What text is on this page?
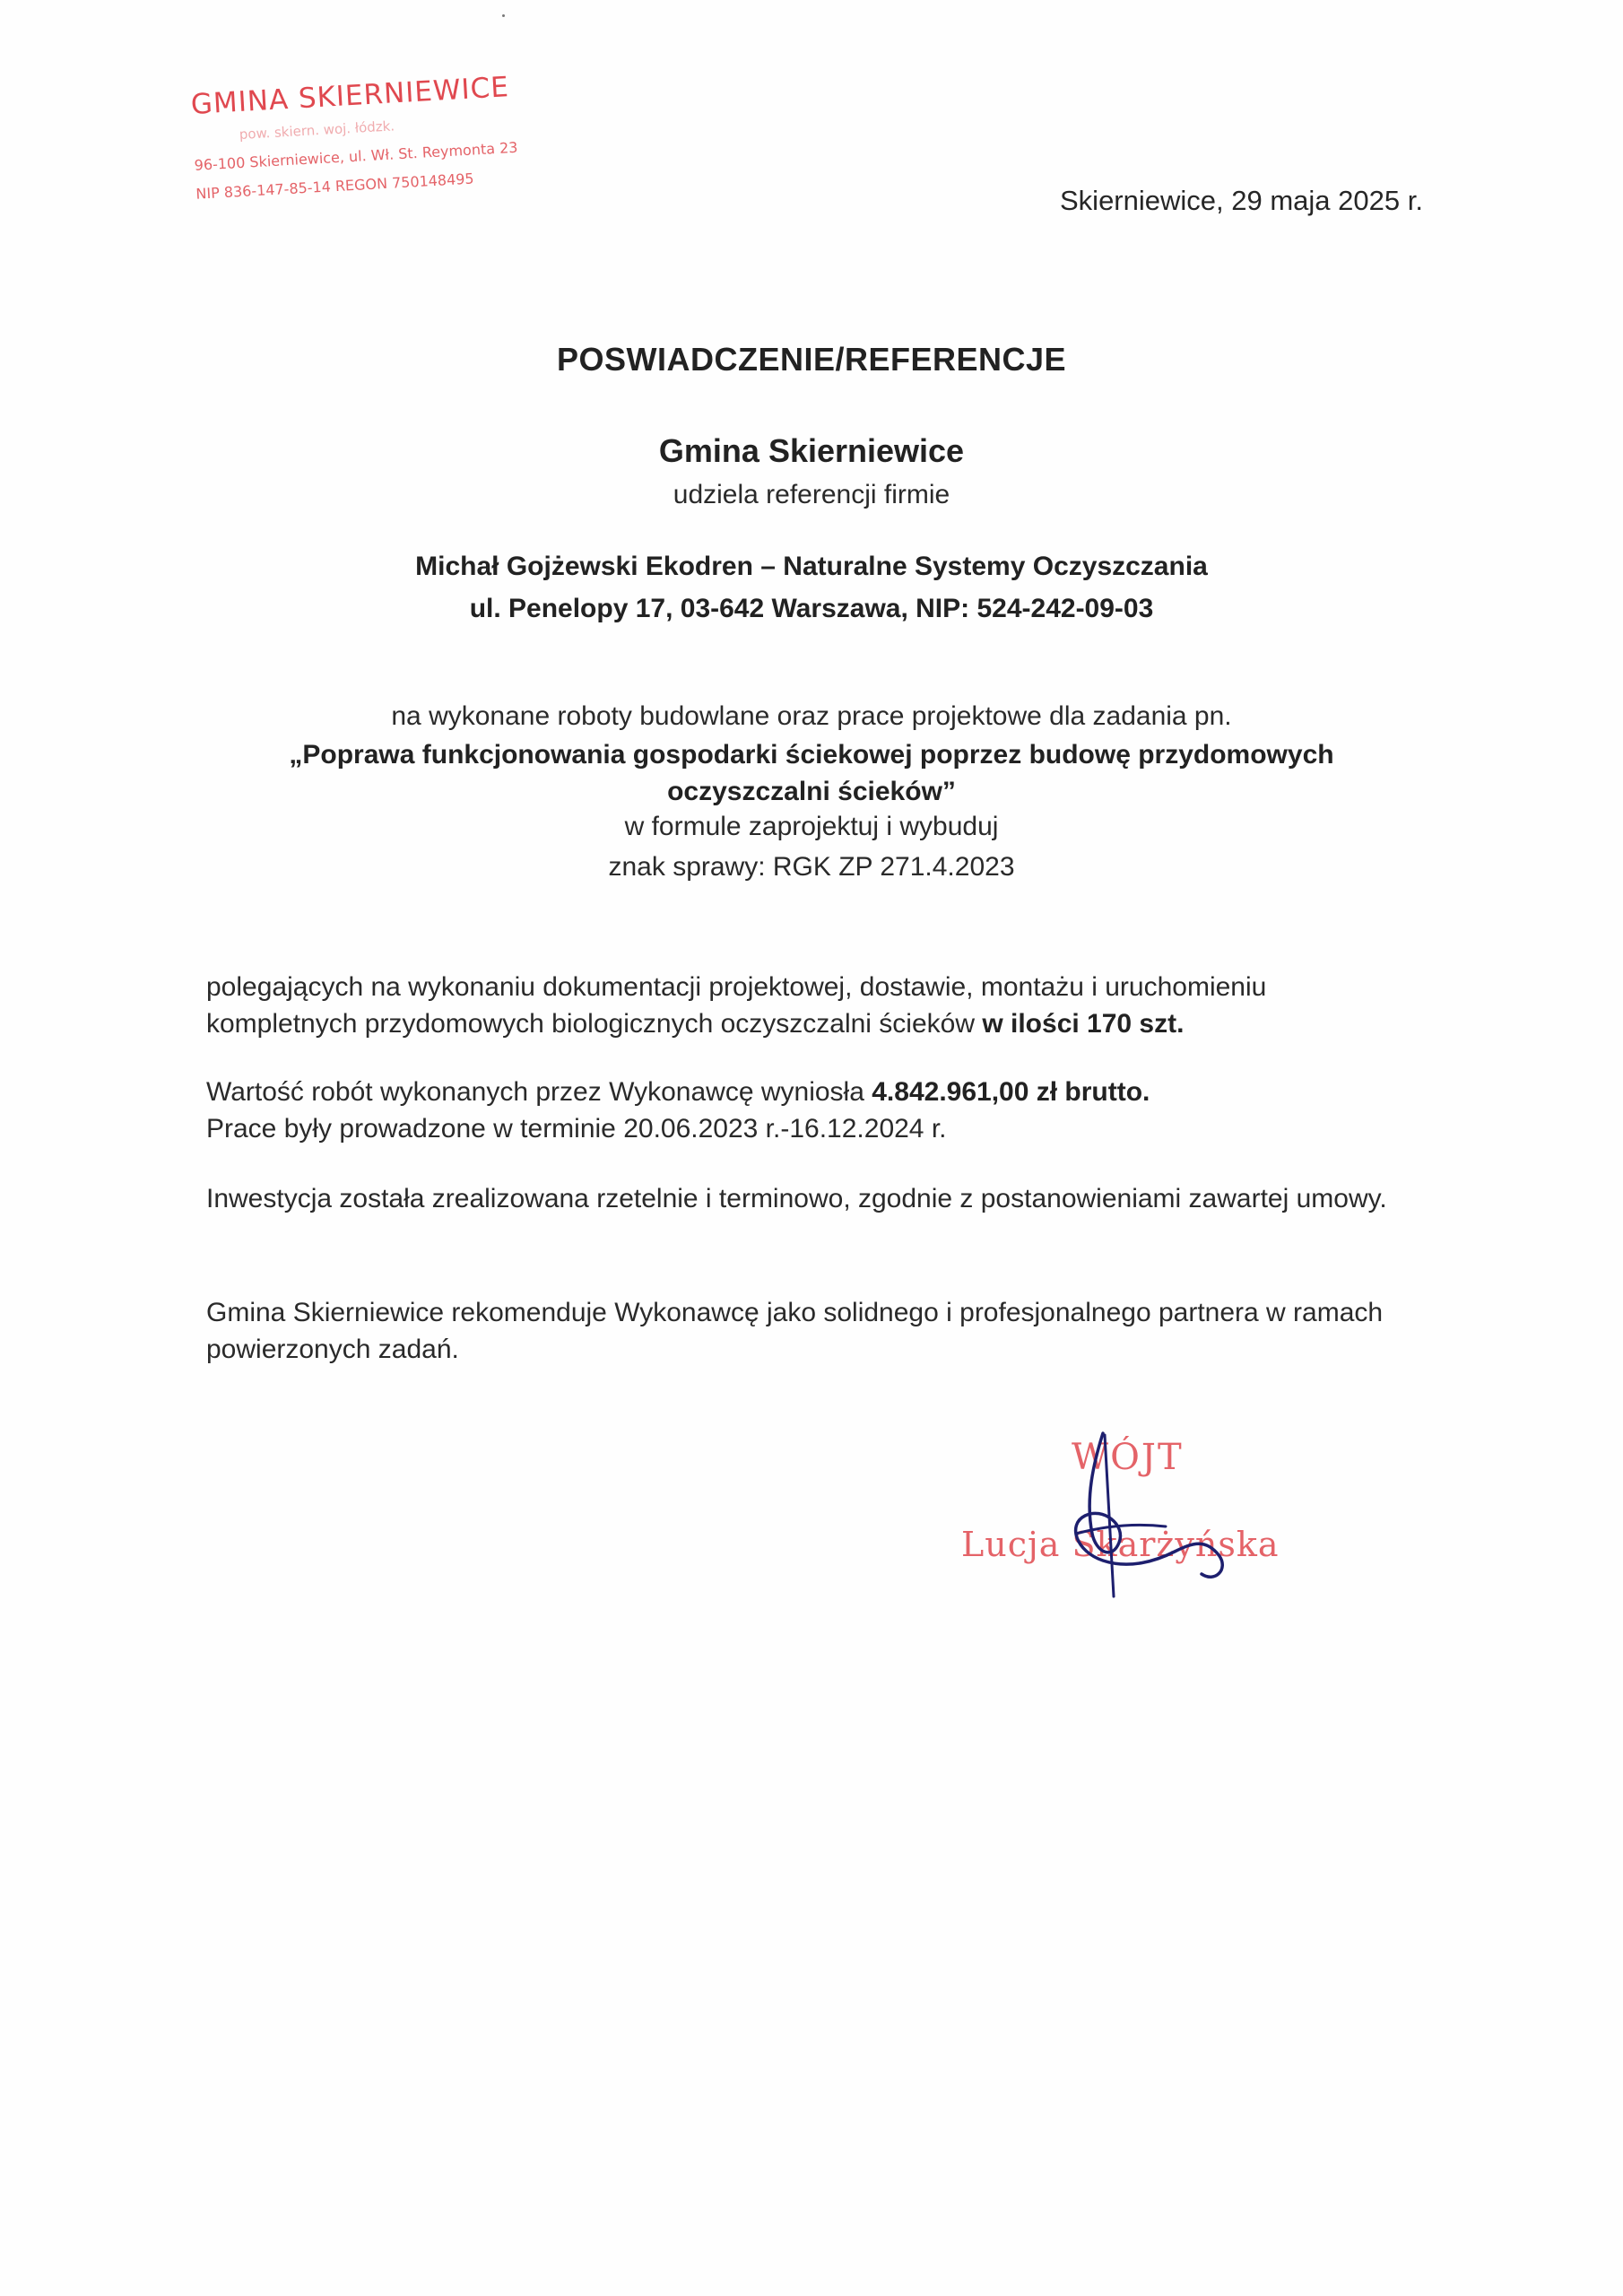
GMINA SKIERNIEWICE
pow. skiern. woj. łódzk.
96-100 Skierniewice, ul. Wł. St. Reymonta 23
NIP 836-147-85-14 REGON 750148495	Skierniewice, 29 maja 2025 r.
POSWIADCZENIE/REFERENCJE
Gmina Skierniewice
udziela referencji firmie
Michał Gojżewski Ekodren – Naturalne Systemy Oczyszczania
ul. Penelopy 17, 03-642 Warszawa, NIP: 524-242-09-03
na wykonane roboty budowlane oraz prace projektowe dla zadania pn.
„Poprawa funkcjonowania gospodarki ściekowej poprzez budowę przydomowych
oczyszczalni ścieków”
w formule zaprojektuj i wybuduj
znak sprawy: RGK ZP 271.4.2023
polegających na wykonaniu dokumentacji projektowej, dostawie, montażu i uruchomieniu kompletnych przydomowych biologicznych oczyszczalni ścieków w ilości 170 szt.
Wartość robót wykonanych przez Wykonawcę wyniosła 4.842.961,00 zł brutto.
Prace były prowadzone w terminie 20.06.2023 r.-16.12.2024 r.
Inwestycja została zrealizowana rzetelnie i terminowo, zgodnie z postanowieniami zawartej umowy.
Gmina Skierniewice rekomenduje Wykonawcę jako solidnego i profesjonalnego partnera w ramach powierzonych zadań.
WÓJT
Lucja Skarżyńska
